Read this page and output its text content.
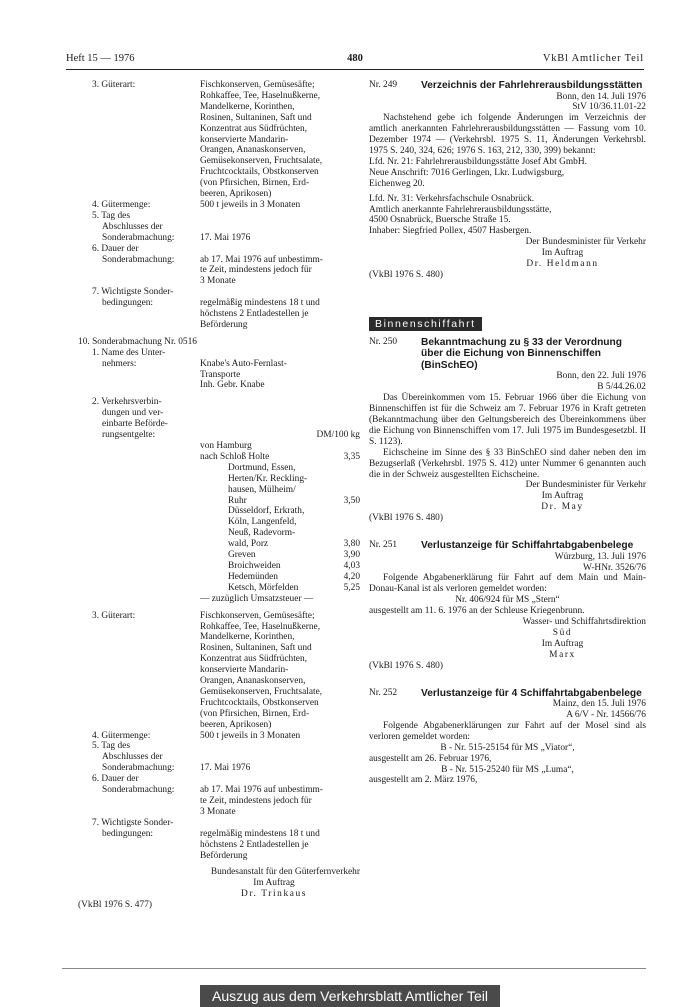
Heft 15 — 1976	480	VkBl Amtlicher Teil
3. Güterart:	Fischkonserven, Gemüsesäfte;
Rohkaffee, Tee, Haselnußkerne,
Mandelkerne, Korinthen,
Rosinen, Sultaninen, Saft und
Konzentrat aus Südfrüchten,
konservierte Mandarin-
Orangen, Ananaskonserven,
Gemüsekonserven, Fruchtsalate,
Fruchtcocktails, Obstkonserven
(von Pfirsichen, Birnen, Erd-
beeren, Aprikosen)
4. Gütermenge:	500 t jeweils in 3 Monaten
5. Tag des
Abschlusses der
Sonderabmachung:

	17. Mai 1976
6. Dauer der
Sonderabmachung:
	ab 17. Mai 1976 auf unbestimm-
te Zeit, mindestens jedoch für
3 Monate
7. Wichtigste Sonder-
bedingungen:
	regelmäßig mindestens 18 t und
höchstens 2 Entladestellen je
Beförderung
10. Sonderabmachung Nr. 0516
1. Name des Unter-
nehmers:
	Knabe's Auto-Fernlast-
Transporte
Inh. Gebr. Knabe
2. Verkehrsverbin-
dungen und ver-
einbarte Beförde-
rungsentgelte:

	DM/100 kg
von Hamburg
nach Schloß Holte	3,35
Dortmund, Essen,
Herten/Kr. Reckling-
hausen, Mülheim/
Ruhr	3,50
Düsseldorf, Erkrath,
Köln, Langenfeld,
Neuß, Radevorm-
wald, Porz	3,80
Greven	3,90
Broichweiden	4,03
Hedemünden	4,20
Ketsch, Mörfelden	5,25
— zuzüglich Umsatzsteuer —
3. Güterart:	Fischkonserven, Gemüsesäfte;
Rohkaffee, Tee, Haselnußkerne,
Mandelkerne, Korinthen,
Rosinen, Sultaninen, Saft und
Konzentrat aus Südfrüchten,
konservierte Mandarin-
Orangen, Ananaskonserven,
Gemüsekonserven, Fruchtsalate,
Fruchtcocktails, Obstkonserven
(von Pfirsichen, Birnen, Erd-
beeren, Aprikosen)
4. Gütermenge:	500 t jeweils in 3 Monaten
5. Tag des
Abschlusses der
Sonderabmachung:

	17. Mai 1976
6. Dauer der
Sonderabmachung:
	ab 17. Mai 1976 auf unbestimm-
te Zeit, mindestens jedoch für
3 Monate
7. Wichtigste Sonder-
bedingungen:
	regelmäßig mindestens 18 t und
höchstens 2 Entladestellen je
Beförderung
Bundesanstalt für den Güterfernverkehr
Im Auftrag
Dr. Trinkaus
(VkBl 1976 S. 477)
Nr. 249	Verzeichnis der Fahrlehrerausbildungsstätten
Bonn, den 14. Juli 1976
StV 10/36.11.01-22
Nachstehend gebe ich folgende Änderungen im Verzeichnis der amtlich anerkannten Fahrlehrerausbildungsstätten — Fassung vom 10. Dezember 1974 — (Verkehrsbl. 1975 S. 11, Änderungen Verkehrsbl. 1975 S. 240, 324, 626; 1976 S. 163, 212, 330, 399) bekannt:
Lfd. Nr. 21: Fahrlehrerausbildungsstätte Josef Abt GmbH.
Neue Anschrift: 7016 Gerlingen, Lkr. Ludwigsburg,
Eichenweg 20.
Lfd. Nr. 31: Verkehrsfachschule Osnabrück.
Amtlich anerkannte Fahrlehrerausbildungsstätte,
4500 Osnabrück, Buersche Straße 15.
Inhaber: Siegfried Pollex, 4507 Hasbergen.
Der Bundesminister für Verkehr
Im Auftrag
Dr. Heldmann
(VkBl 1976 S. 480)
Binnenschiffahrt
Nr. 250	Bekanntmachung zu § 33 der Verordnung über die Eichung von Binnenschiffen (BinSchEO)
Bonn, den 22. Juli 1976
B 5/44.26.02
Das Übereinkommen vom 15. Februar 1966 über die Eichung von Binnenschiffen ist für die Schweiz am 7. Februar 1976 in Kraft getreten (Bekanntmachung über den Geltungsbereich des Übereinkommens über die Eichung von Binnenschiffen vom 17. Juli 1975 im Bundesgesetzbl. II S. 1123).
Eichscheine im Sinne des § 33 BinSchEO sind daher neben den im Bezugserlaß (Verkehrsbl. 1975 S. 412) unter Nummer 6 genannten auch die in der Schweiz ausgestellten Eichscheine.
Der Bundesminister für Verkehr
Im Auftrag
Dr. May
(VkBl 1976 S. 480)
Nr. 251	Verlustanzeige für Schiffahrtabgabenbelege
Würzburg, 13. Juli 1976
W-HNr. 3526/76
Folgende Abgabenerklärung für Fahrt auf dem Main und Main-Donau-Kanal ist als verloren gemeldet worden:
Nr. 406/924 für MS „Stern“
ausgestellt am 11. 6. 1976 an der Schleuse Kriegenbrunn.
Wasser- und Schiffahrtsdirektion
Süd
Im Auftrag
Marx
(VkBl 1976 S. 480)
Nr. 252	Verlustanzeige für 4 Schiffahrtabgabenbelege
Mainz, den 15. Juli 1976
A 6/V - Nr. 14566/76
Folgende Abgabenerklärungen zur Fahrt auf der Mosel sind als verloren gemeldet worden:
B - Nr. 515-25154 für MS „Viator“,
ausgestellt am 26. Februar 1976,
B - Nr. 515-25240 für MS „Luma“,
ausgestellt am 2. März 1976,
Auszug aus dem Verkehrsblatt Amtlicher Teil
